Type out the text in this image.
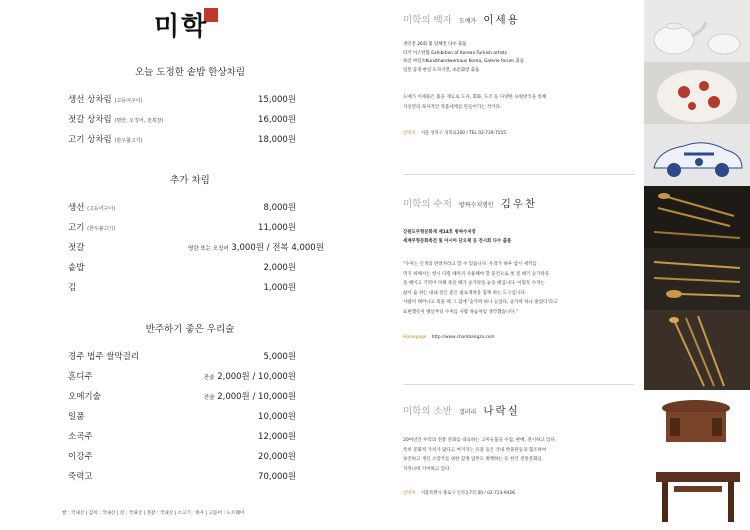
미학
오늘 도정한 솥밥 한상차림
생선 상차림 (고등어구이)	15,000원
젓갈 상차림 (명란, 오징어, 전복장)	16,000원
고기 상차림 (한우불고기)	18,000원
추가 차림
생선 (고등어구이)	8,000원
고기 (한우불고기)	11,000원
젓갈	명란 또는 오징어 3,000원 / 전복 4,000원
솥밥	2,000원
김	1,000원
반주하기 좋은 우리술
경주 법주 쌀막걸리	5,000원
혼디주	잔술 2,000원 / 10,000원
오메기술	잔술 2,000원 / 10,000원
일품	10,000원
소곡주	12,000원
이강주	20,000원
죽력고	70,000원
쌀 : 국내산 | 김치 : 국내산 | 전 : 국내산 | 젓갈 : 국내산 | 소고기 : 한우 | 고등어 : 노르웨이
미학의 백자 도예가 이세용
개인전 26회 및 단체전 다수 출품
터키 이스탄불 Exhibition of Korean-Turkish artists
독일 마인츠Kunsthandwerkaus Korea, Galerie forum 출품
일본 동경 한일 도자기전, 초문화랑 출품
도예가 이세용은 흙을 재료로 도자, 회화, 도조 등 다양한 표현방식을 통해
자신만의 독자적인 작품세계를 만들어가는 작가다.
연락처 서울 성북구 성북로100 / TEL 02-739-7555
미학의 수저 방짜수저명인 김우찬
강원도무형문화재 제14호 방짜수저장
세계무형문화축전 및 아시아 단오제 등 전시회 다수 출품
"수저는 인생의 반려자라고 할 수 있습니다. 우리가 하루 삼시 세끼를
먹기 위해서는 항시 다릴 때까지 사용해야 할 물건으로 첫 젖 떼기 숟가락을
을 때이고 기력이 다해 죽을 때가 숟가락을 놓을 때입니다. 이렇듯 수저는
삶이 숨 쉬는 내내 살은 좋은 최로재락을 함께 하는 도구입니다.
사람이 태어나고 죽을 때 그 집에 '숟가락 하나 늘었다, 숟가락 하나 줄었다'라고
표현했듯이 옛날부터 수저를 사람 목숨처럼 생각했습니다."
Homepage http://www.chambangza.com
미학의 소반 갤러리 나락실
20여년간 우리의 전통 문화를 대표하는 고미술품을 수집, 판매, 전시하고 있다.
특히 문화적 가치가 많다고 여겨지는 유물 등은 국내 박물관등과 협조하여
보존하고 개인 소장가를 위한 감정 업무도 병행하는 등 한국 전통문화를
지켜나데 기여하고 있다.
연락처 서울특별시 종로구 인사동7길 00 / 02-723-9426
